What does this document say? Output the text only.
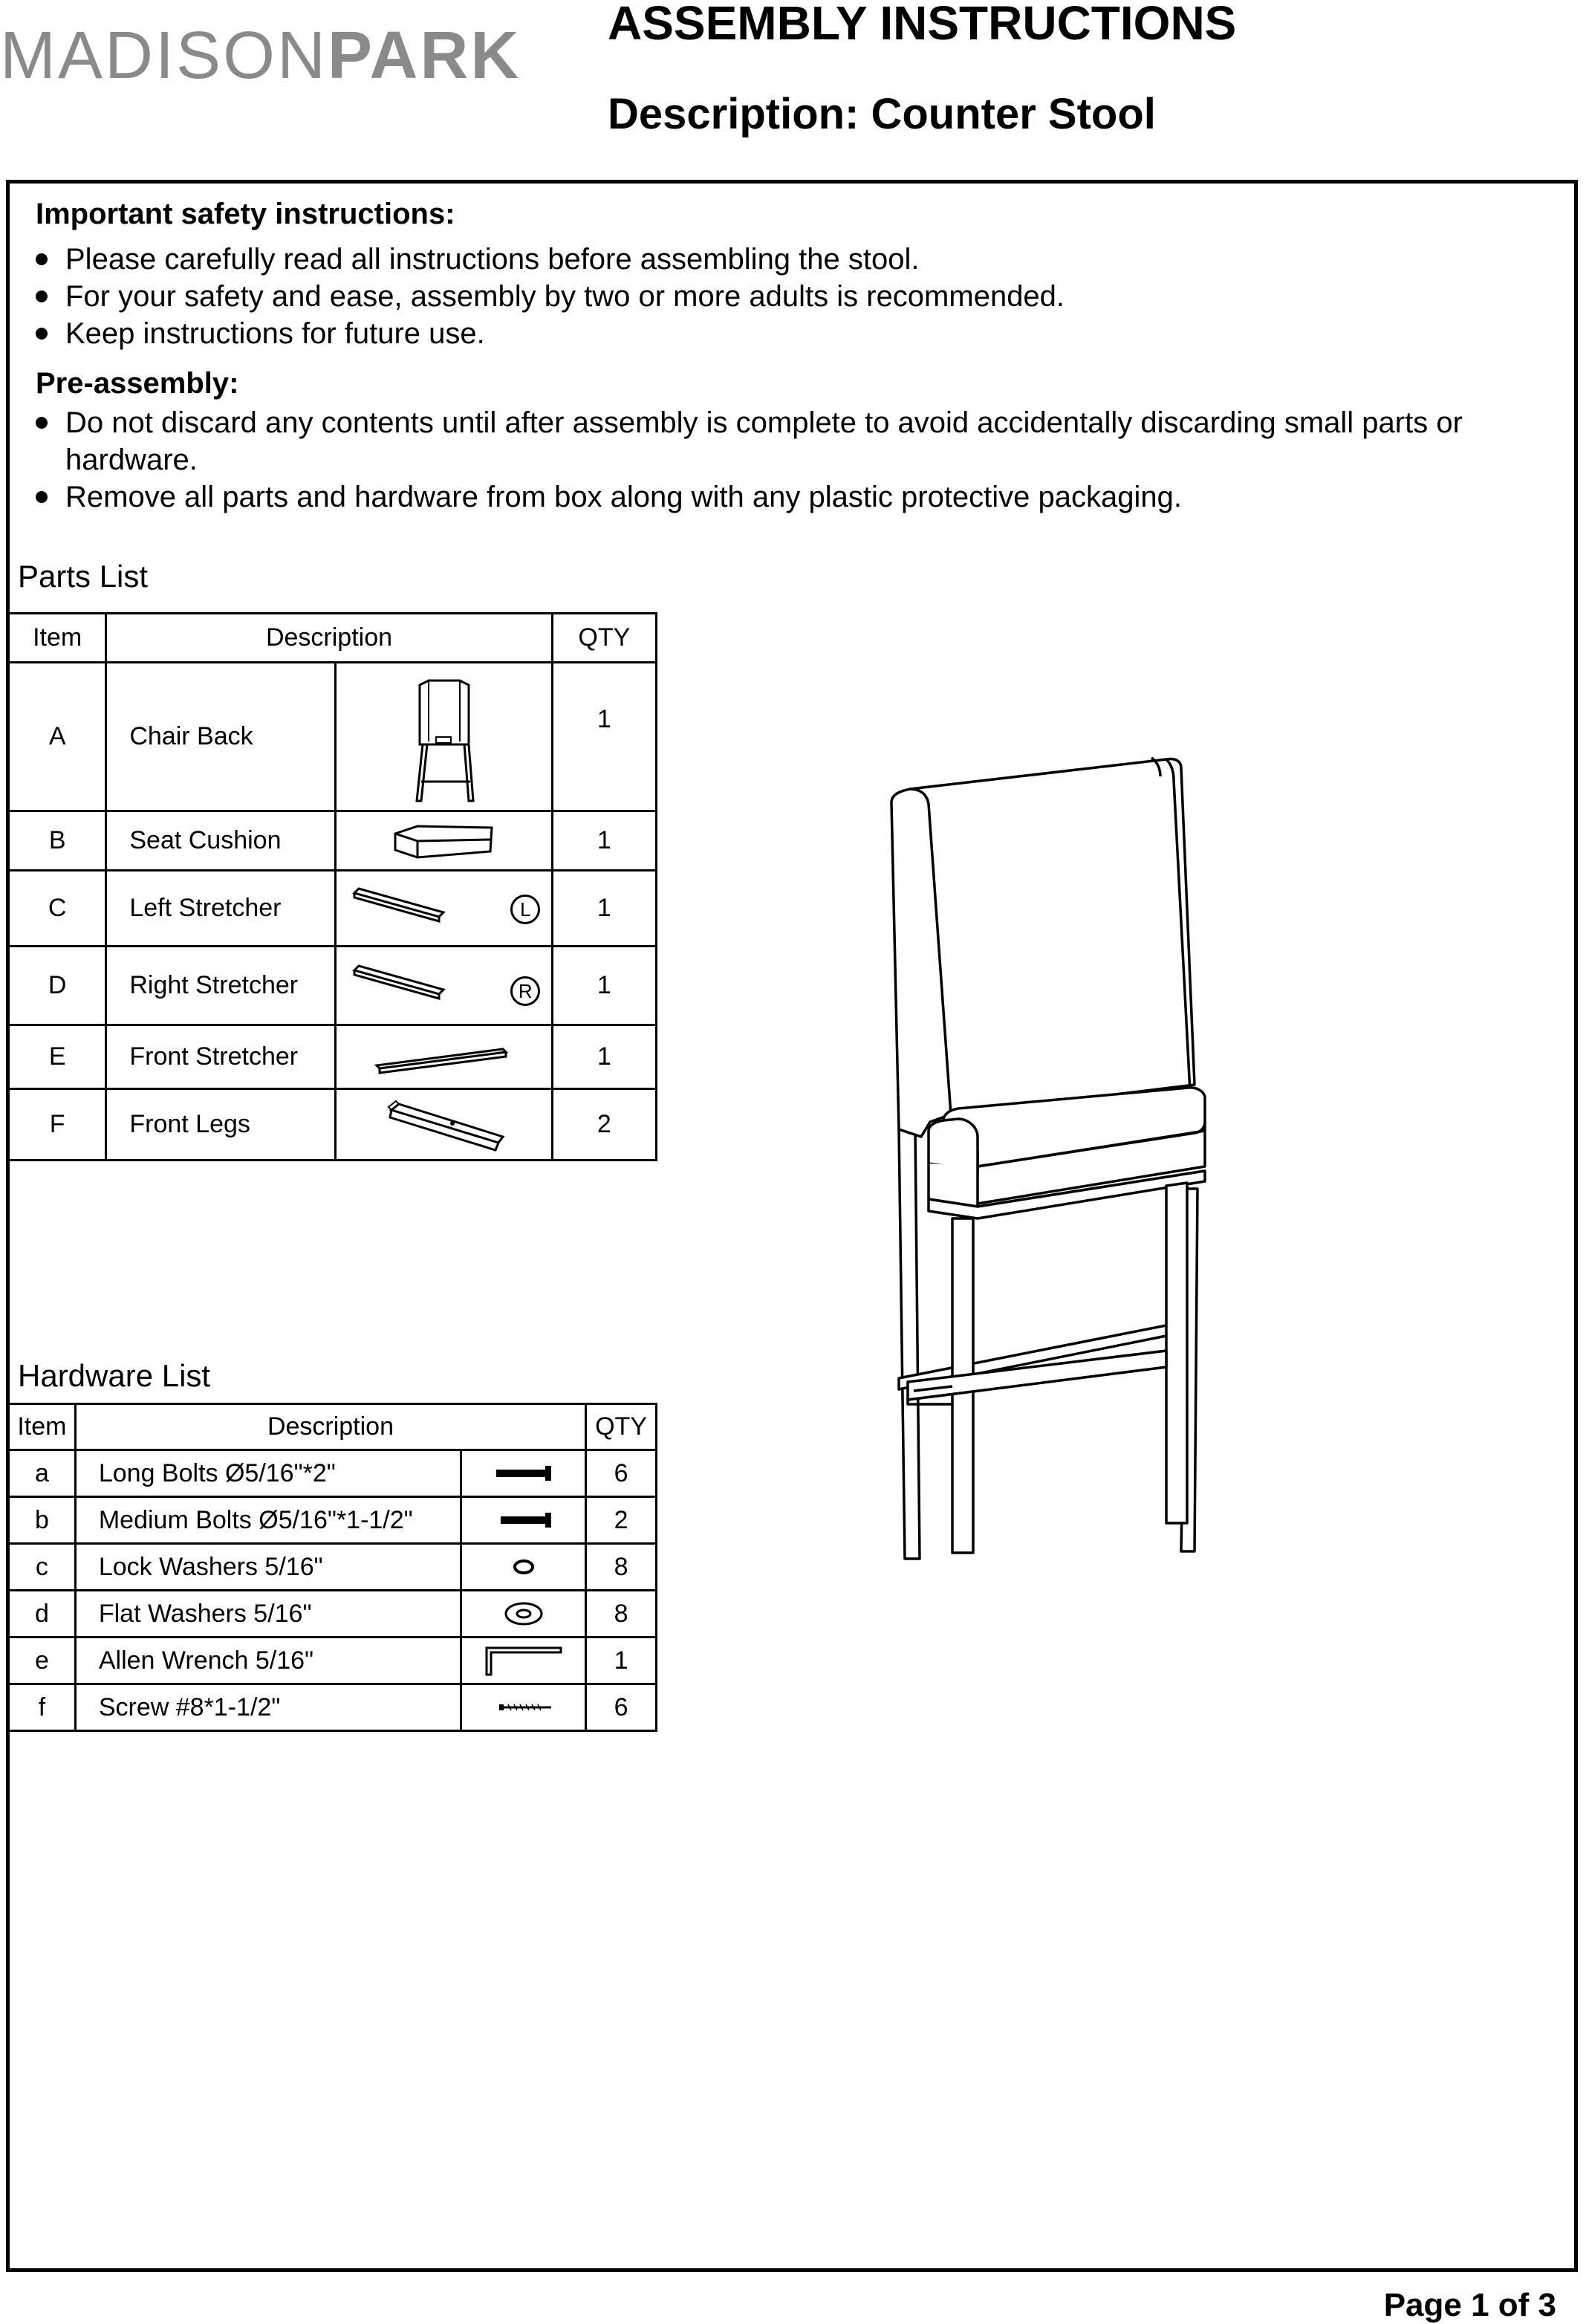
MADISONPARK ASSEMBLY INSTRUCTIONS
Description: Counter Stool
Important safety instructions:
Please carefully read all instructions before assembling the stool.
For your safety and ease, assembly by two or more adults is recommended.
Keep instructions for future use.
Pre-assembly:
Do not discard any contents until after assembly is complete to avoid accidentally discarding small parts or hardware.
Remove all parts and hardware from box along with any plastic protective packaging.
Parts List
Item	Description		QTY
A	Chair Back		1
B	Seat Cushion		1
C	Left Stretcher	L	1
D	Right Stretcher	R	1
E	Front Stretcher		1
F	Front Legs		2
Hardware List
Item	Description		QTY
a	Long Bolts Ø5/16"*2"		6
b	Medium Bolts Ø5/16"*1-1/2"		2
c	Lock Washers 5/16"		8
d	Flat Washers 5/16"		8
e	Allen Wrench 5/16"		1
f	Screw #8*1-1/2"		6
Page 1 of 3
